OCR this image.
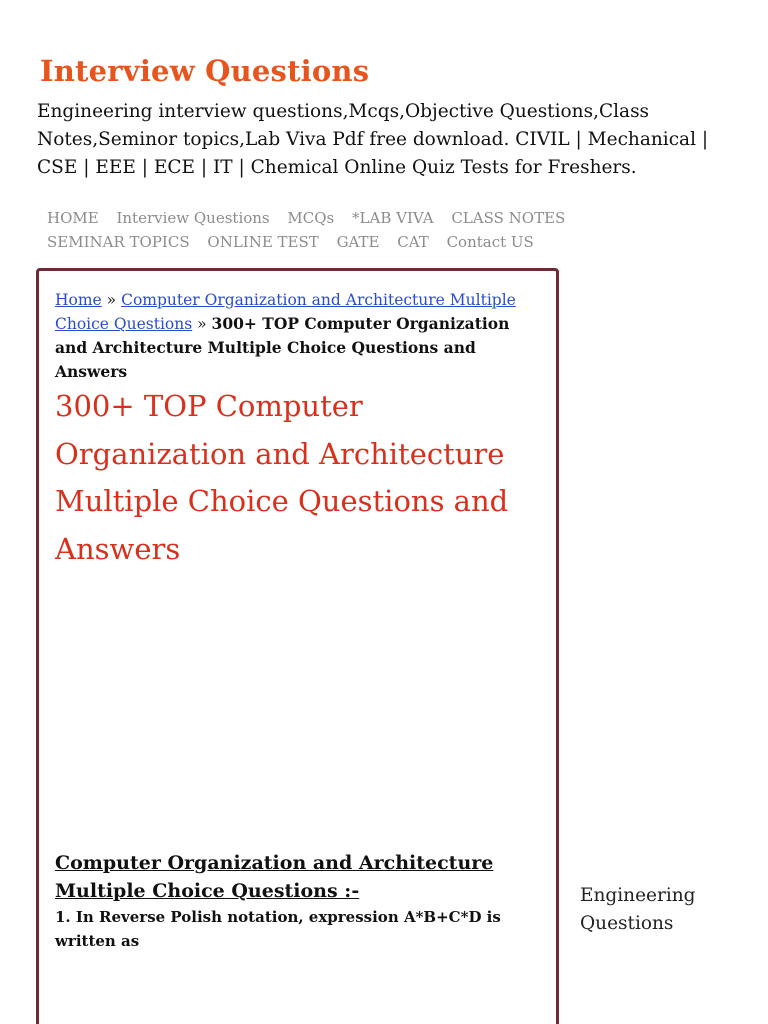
Interview Questions
Engineering interview questions,Mcqs,Objective Questions,Class Notes,Seminor topics,Lab Viva Pdf free download. CIVIL | Mechanical | CSE | EEE | ECE | IT | Chemical Online Quiz Tests for Freshers.
HOME Interview Questions MCQs *LAB VIVA CLASS NOTES SEMINAR TOPICS ONLINE TEST GATE CAT Contact US
Home » Computer Organization and Architecture Multiple Choice Questions » 300+ TOP Computer Organization and Architecture Multiple Choice Questions and Answers
300+ TOP Computer Organization and Architecture Multiple Choice Questions and Answers
Computer Organization and Architecture Multiple Choice Questions :-
1. In Reverse Polish notation, expression A*B+C*D is written as
Engineering Questions
